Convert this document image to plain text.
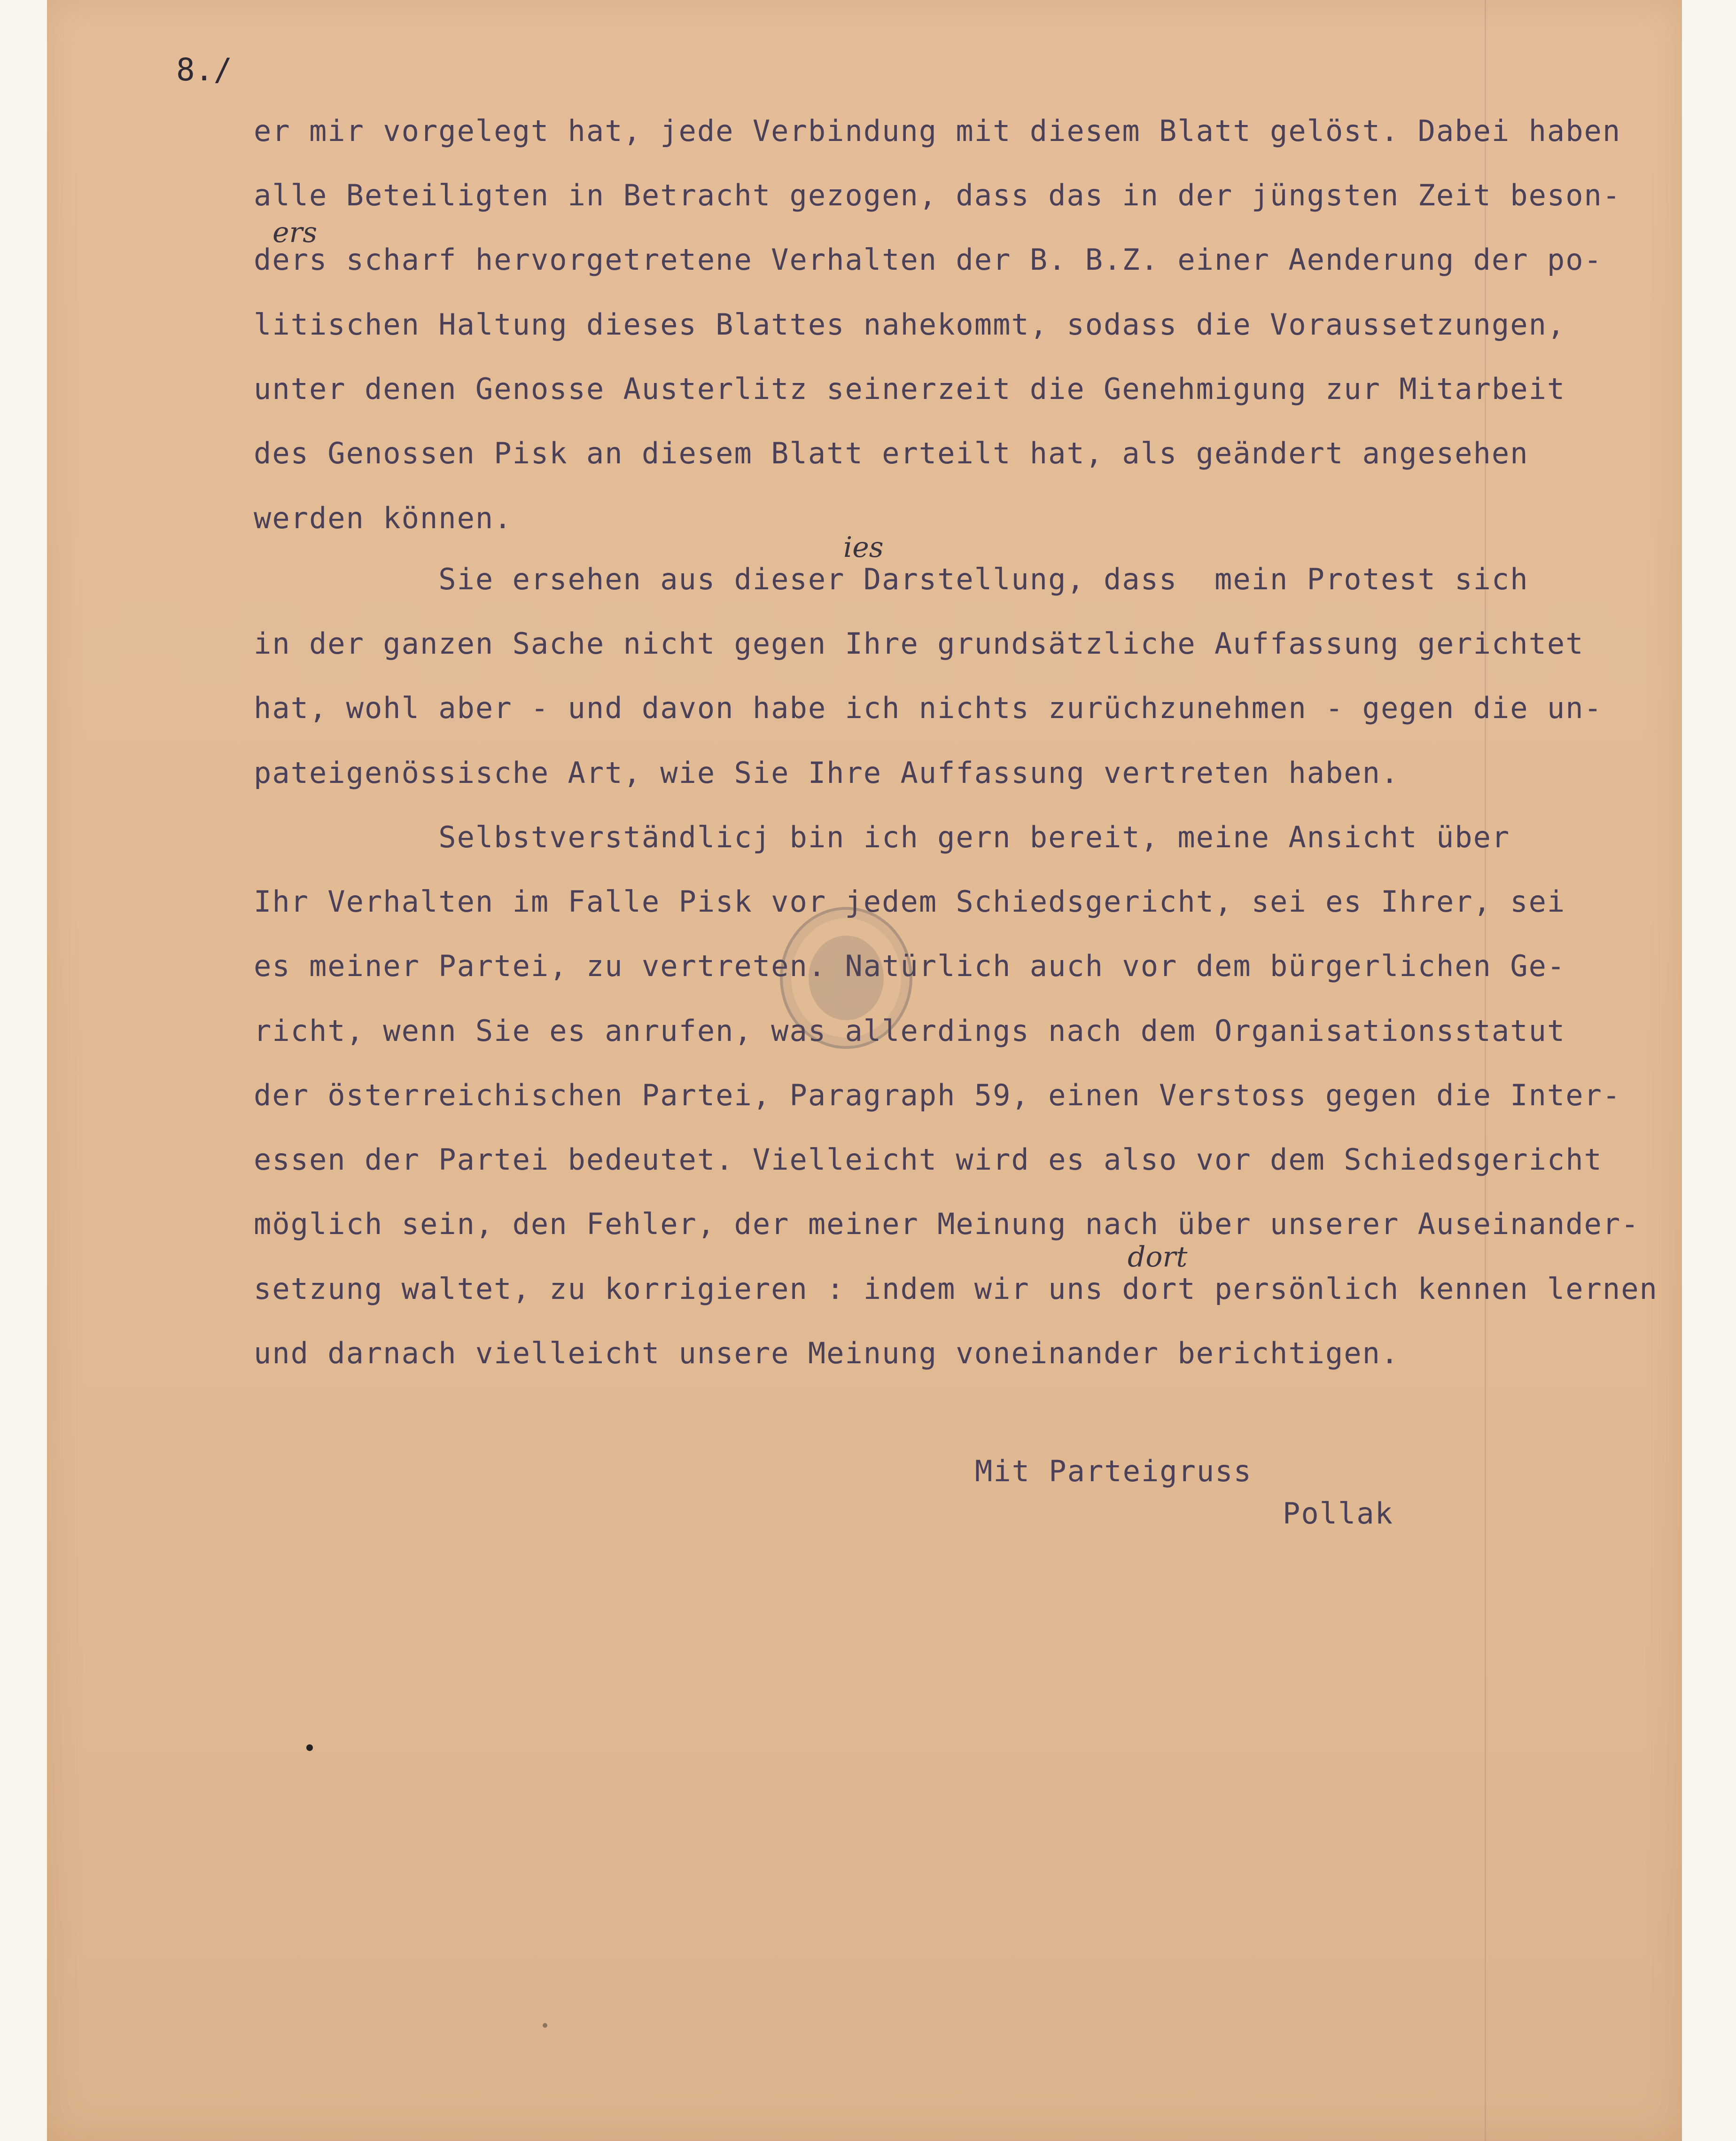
8./
er mir vorgelegt hat, jede Verbindung mit diesem Blatt gelöst. Dabei haben
alle Beteiligten in Betracht gezogen, dass das in der jüngsten Zeit beson-
ders scharf hervorgetretene Verhalten der B. B.Z. einer Aenderung der po-
litischen Haltung dieses Blattes nahekommt, sodass die Voraussetzungen,
unter denen Genosse Austerlitz seinerzeit die Genehmigung zur Mitarbeit
des Genossen Pisk an diesem Blatt erteilt hat, als geändert angesehen
werden können.
Sie ersehen aus dieser Darstellung, dass  mein Protest sich
in der ganzen Sache nicht gegen Ihre grundsätzliche Auffassung gerichtet
hat, wohl aber - und davon habe ich nichts zurüchzunehmen - gegen die un-
pateigenössische Art, wie Sie Ihre Auffassung vertreten haben.
Selbstverständlicj bin ich gern bereit, meine Ansicht über
Ihr Verhalten im Falle Pisk vor jedem Schiedsgericht, sei es Ihrer, sei
es meiner Partei, zu vertreten. Natürlich auch vor dem bürgerlichen Ge-
richt, wenn Sie es anrufen, was allerdings nach dem Organisationsstatut
der österreichischen Partei, Paragraph 59, einen Verstoss gegen die Inter-
essen der Partei bedeutet. Vielleicht wird es also vor dem Schiedsgericht
möglich sein, den Fehler, der meiner Meinung nach über unserer Auseinander-
setzung waltet, zu korrigieren : indem wir uns dort persönlich kennen lernen
und darnach vielleicht unsere Meinung voneinander berichtigen.
ers
ies
dort
Mit Parteigruss
Pollak
